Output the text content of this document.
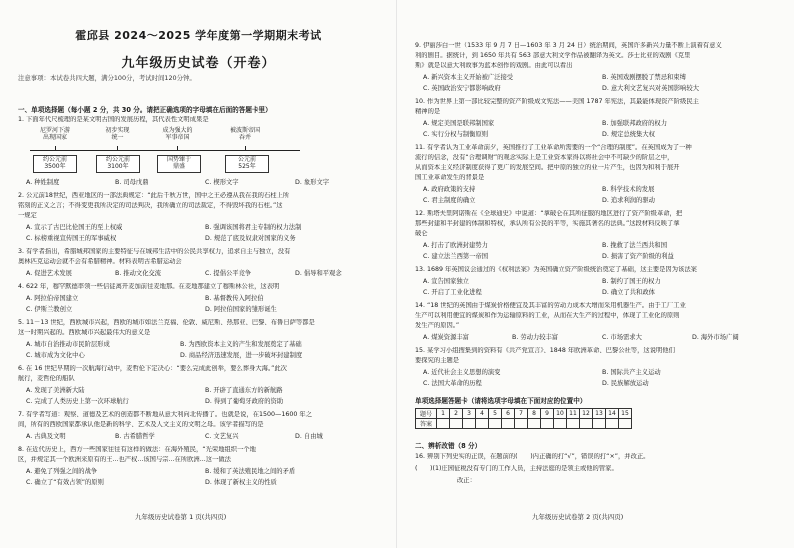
霍邱县 2024～2025 学年度第一学期期末考试
九年级历史试卷（开卷）
注意事项：本试卷共四大题，满分100分，考试时间120分钟。
一、单项选择题（每小题 2 分，共 30 分。请把正确选项的字母填在后面的答题卡里）
1. 下面年代尺梳理的是某文明古国的发展历程，其代表性文明成果是
尼罗河下游
出现国家
初步实现
统一
成为强大的
军事帝国
被波斯帝国
吞并
约公元前
3500年
约公元前
3100年
国势臻于
鼎盛
公元前
525年
A. 种姓制度	B. 司母戊鼎	C. 楔形文字	D. 象形文字
2. 公元前18世纪，西亚地区的一部法典规定：“此后千秋万世，国中之王必遵从我在我的石柱上所
铭刻的正义之言；不得变更我所决定的司法判决，我所确立的司法裁定，不得毁坏我的石柱。”这
一规定
A. 宣示了古巴比伦国王的至上权威	B. 强调该国将君主专制的权力法制
C. 标榜重视宣传国王的军事威权	D. 规范了底及奴隶对国家的义务
3. 有学者指出，希腊城邦国家的主要特征与在城邦生活中的公民共享权力，追求自主与独立，没有
奥林匹克运动会就不会有希腊精神。材料表明古希腊运动会
A. 促进艺术发展	B. 推动文化交流	C. 提倡公平竞争	D. 倡导和平观念
4. 622 年，穆罕默德率领一些信徒离开麦加前往麦地那。在麦地那建立了穆斯林公社，这表明
A. 阿拉伯帝国建立	B. 基督教传入阿拉伯
C. 伊斯兰教创立	D. 阿拉伯国家的雏形诞生
5. 11－13 世纪，西欧城市兴起，西欧的城市如法兰克福、伦敦、威尼斯、热那亚、巴黎、布鲁日萨等都是
这一时期兴起的。西欧城市兴起最伟大的意义是
A. 城市自治推动市民阶层形成	B. 为西欧资本主义的产生和发展奠定了基础
C. 城市成为文化中心	D. 商品经济迅速发展，进一步破坏封建制度
6. 在 16 世纪早期的一次航海行动中，麦哲伦下定决心：“要么完成此创举，要么葬身大海。”此次
航行，麦哲伦的船队
A. 发现了美洲新大陆	B. 开辟了直通东方的新航路
C. 完成了人类历史上第一次环球航行	D. 得到了葡萄牙政府的资助
7. 有学者写道：观察、道德及艺术的创造都不断地从意大利向北传播了。也就是说，在1500—1600 年之
间，所有的西欧国家都承认他是新的科学、艺术及人文主义的文明之母。该学者描写的是
A. 古典及文明	B. 古希腊哲学	C. 文艺复兴	D. 自由城
8. 在近代历史上，西方一些国家往往有这样的做法：在海外殖民，“光荣地组织一个地
区，并规定其一个欧洲来原有的王...也产权...该国与宗...在所欧洲...这一做法
A. 避免了列强之间的战争	B. 缓和了英法殖民地之间的矛盾
C. 确立了“有效占领”的原则	D. 体现了新权主义的性质
九年级历史试卷第 1 页(共四页)
9. 伊丽莎白一世（1533 年 9 月 7 日—1603 年 3 月 24 日）统治期间，英国许多新兴力量不断上演着有意义
利的剧目。据统计，到 1650 年共有 563 部意大利文学作品被翻译为英文。莎士比亚的戏剧《克里
斯》就是以意大利故事为蓝本创作的戏剧。由此可以看出
A. 新兴资本主义开始被广泛接受	B. 英国戏剧摆脱了禁忌和束缚
C. 英国政治安宁都影响政府	D. 意大利文艺复兴对英国影响较大
10. 作为世界上第一部比较完整的资产阶级成文宪法——美国 1787 年宪法，其最能体现资产阶级民主
精神的是
A. 规定美国是联邦制国家	B. 加强联邦政府的权力
C. 实行分权与制衡原则	D. 规定总统集大权
11. 有学者认为工业革命前夕，英国推行了工业革命所需要的一个“合理的制度”。在英国成为了一种
流行的信念，没有“合理调财”的观念实际上是工业资本家得以将社会中不可缺少的阶层之中，
从而资本主义经济制度获得了更广的发展空间。把中原的独立的业一片产生，也因为和利于展开
国工业革命发生的背景是
A. 政府政策的支持	B. 科学技术的发展
C. 君主制度的确立	D. 追求利润的驱动
12. 斯塔夫里阿诺斯在《全球通史》中说道：“拿破仑在其所征服的地区进行了资产阶级革命，把
那些封建和半封建的体制和特权，承认所有公民的平等，实施其著名的法典。”这段材料反映了拿
破仑
A. 打击了欧洲封建势力	B. 挽救了法兰西共和国
C. 建立法兰西第一帝国	D. 损害了资产阶级的利益
13. 1689 年英国议会通过的《权利法案》为英国确立资产阶级统治奠定了基础，这主要是因为该法案
A. 宣告国家独立	B. 制约了国王的权力
C. 开启了工业化进程	D. 确立了共和政体
14. “18 世纪的英国由于煤炭价格便宜及其丰富的劳动力成本大增而采用机器生产。由于工厂工业
生产可以利用便宜的煤炭和作为运输原料的工业，从而在大生产的过程中，体现了工业化的原则
发生产的原因。”
A. 煤炭资源丰富	B. 劳动力较丰富	C. 市场需求大	D. 海外市场广阔
15. 某学习小组搜集到的资料有《共产党宣言》、1848 年欧洲革命、巴黎公社等，这说明他们
要探究的主题是
A. 近代社会主义思想的演变	B. 国际共产主义运动
C. 法国大革命的历程	D. 民族解放运动
单项选择题答题卡（请将选项字母填在下面对应的位置中）
题号	1	2	3	4	5	6	7	8	9	10	11	12	13	14	15
答案															
二、辨析改错（8 分）
16. 辨别下列史实的正误，在题前的(　　)内正确的打“√”，错误的打“×”，并改正。
(　　)(1)庄园征税没有专门的工作人员，主持法庭的是领主或他的管家。
改正：
九年级历史试卷第 2 页(共四页)
